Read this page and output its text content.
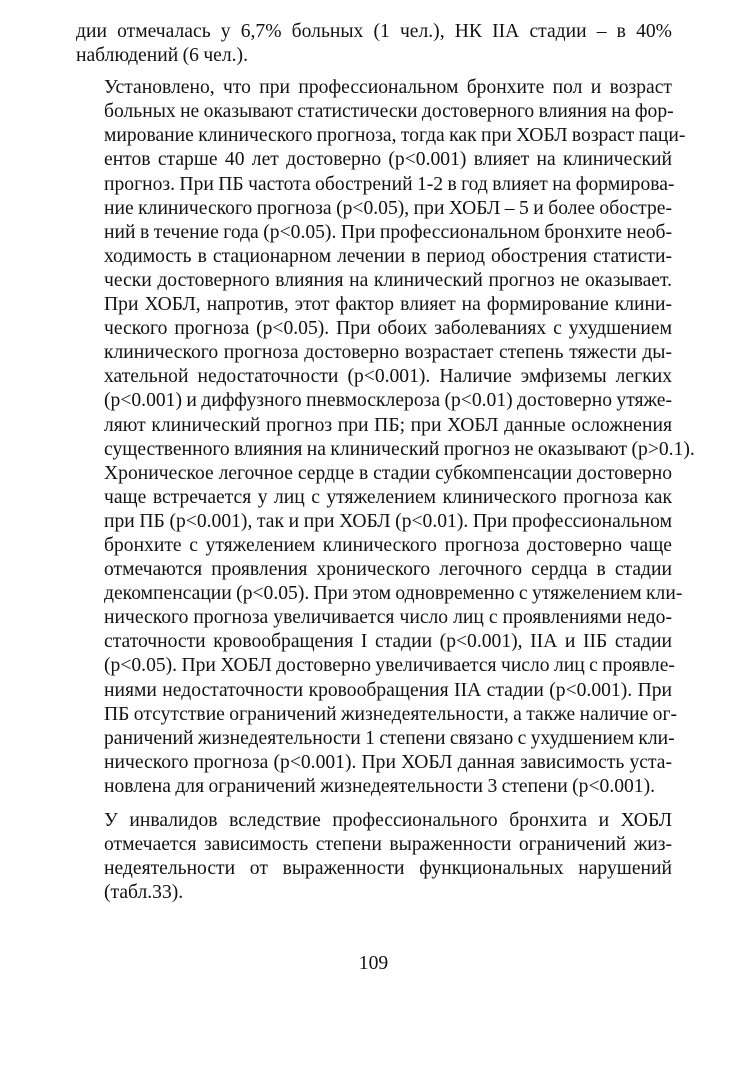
дии отмечалась у 6,7% больных (1 чел.), НК IIА стадии – в 40%
наблюдений (6 чел.).

Установлено, что при профессиональном бронхите пол и возраст
больных не оказывают статистически достоверного влияния на фор-
мирование клинического прогноза, тогда как при ХОБЛ возраст паци-
ентов старше 40 лет достоверно (р<0.001) влияет на клинический
прогноз. При ПБ частота обострений 1-2 в год влияет на формирова-
ние клинического прогноза (р<0.05), при ХОБЛ – 5 и более обостре-
ний в течение года (р<0.05). При профессиональном бронхите необ-
ходимость в стационарном лечении в период обострения статисти-
чески достоверного влияния на клинический прогноз не оказывает.
При ХОБЛ, напротив, этот фактор влияет на формирование клини-
ческого прогноза (р<0.05). При обоих заболеваниях с ухудшением
клинического прогноза достоверно возрастает степень тяжести ды-
хательной недостаточности (р<0.001). Наличие эмфиземы легких
(р<0.001) и диффузного пневмосклероза (р<0.01) достоверно утяже-
ляют клинический прогноз при ПБ; при ХОБЛ данные осложнения
существенного влияния на клинический прогноз не оказывают (р>0.1).
Хроническое легочное сердце в стадии субкомпенсации достоверно
чаще встречается у лиц с утяжелением клинического прогноза как
при ПБ (р<0.001), так и при ХОБЛ (р<0.01). При профессиональном
бронхите с утяжелением клинического прогноза достоверно чаще
отмечаются проявления хронического легочного сердца в стадии
декомпенсации (р<0.05). При этом одновременно с утяжелением кли-
нического прогноза увеличивается число лиц с проявлениями недо-
статочности кровообращения I стадии (р<0.001), IIА и IIБ стадии
(р<0.05). При ХОБЛ достоверно увеличивается число лиц с проявле-
ниями недостаточности кровообращения IIА стадии (р<0.001). При
ПБ отсутствие ограничений жизнедеятельности, а также наличие ог-
раничений жизнедеятельности 1 степени связано с ухудшением кли-
нического прогноза (р<0.001). При ХОБЛ данная зависимость уста-
новлена для ограничений жизнедеятельности 3 степени (р<0.001).

У инвалидов вследствие профессионального бронхита и ХОБЛ
отмечается зависимость степени выраженности ограничений жиз-
недеятельности от выраженности функциональных нарушений
(табл.33).

109
